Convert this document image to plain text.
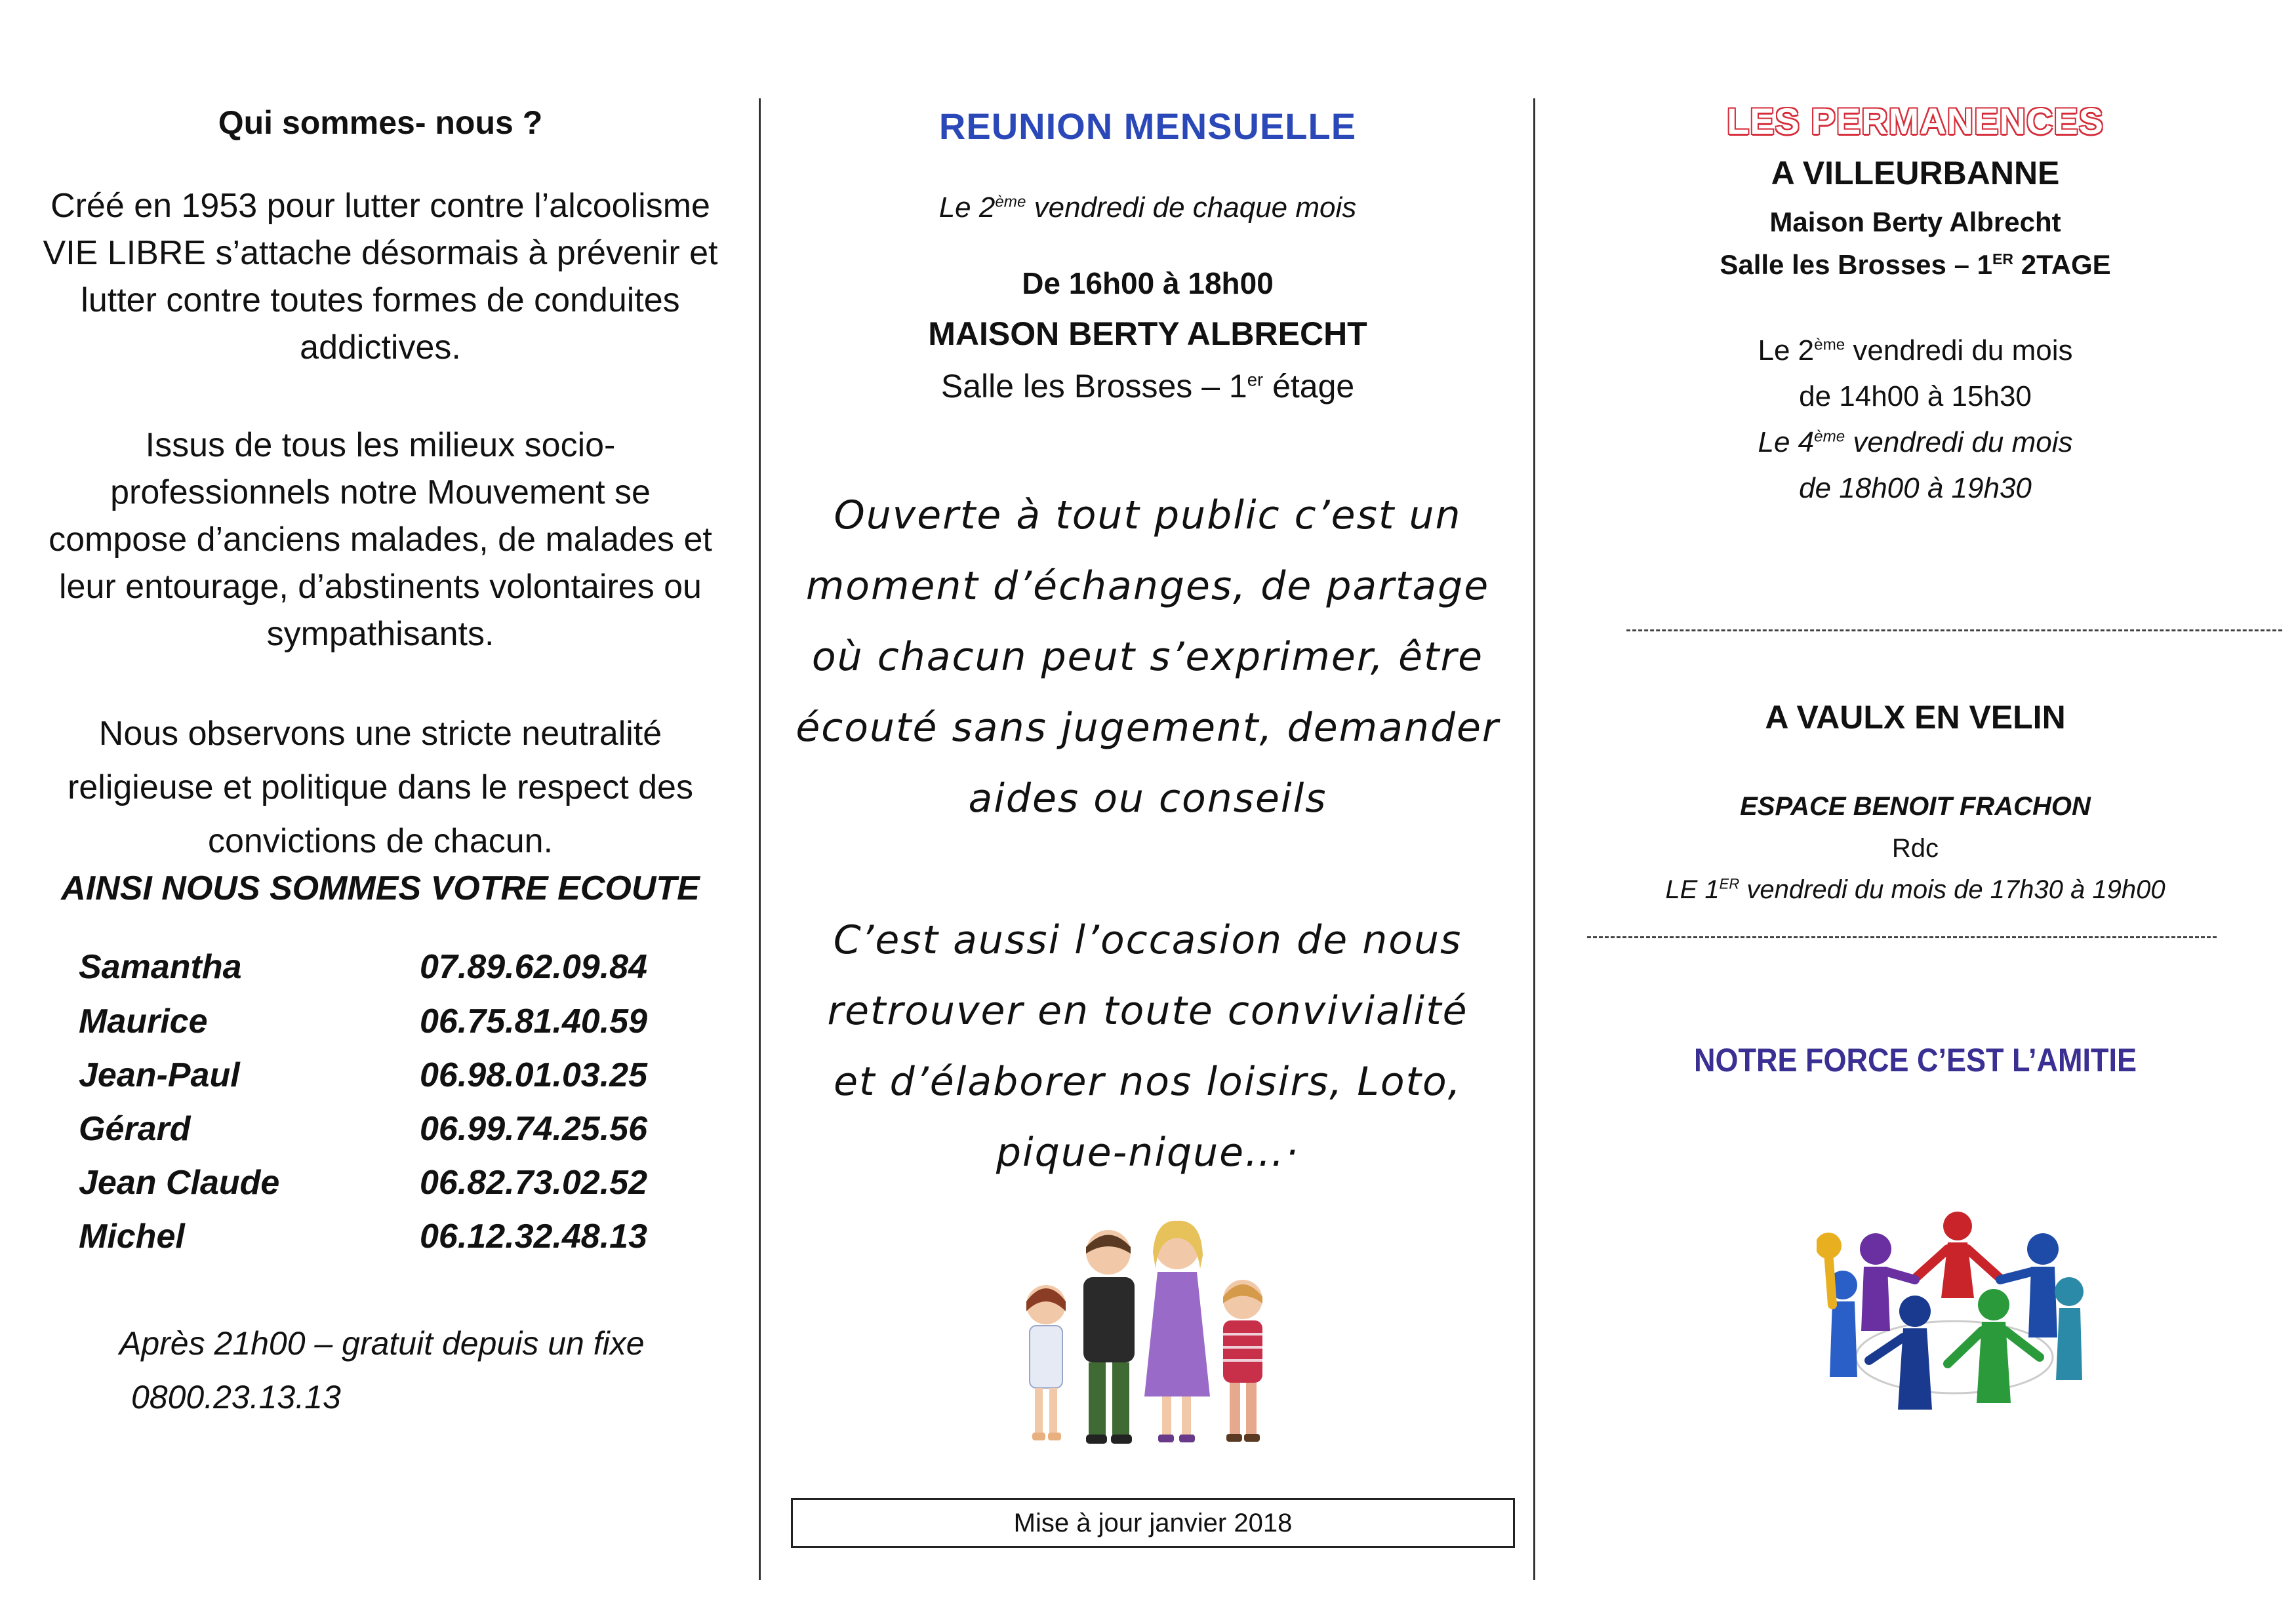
Qui sommes- nous ?
Créé en 1953 pour lutter contre l’alcoolisme
VIE LIBRE s’attache désormais à prévenir et
lutter contre toutes formes de conduites
addictives.
Issus de tous les milieux socio-
professionnels notre Mouvement se
compose d’anciens malades, de malades et
leur entourage, d’abstinents volontaires ou
sympathisants.
Nous observons une stricte neutralité
religieuse et politique dans le respect des
convictions de chacun.
AINSI NOUS SOMMES VOTRE ECOUTE
Samantha	07.89.62.09.84
Maurice	06.75.81.40.59
Jean-Paul	06.98.01.03.25
Gérard	06.99.74.25.56
Jean Claude	06.82.73.02.52
Michel	06.12.32.48.13
Après 21h00 – gratuit depuis un fixe
0800.23.13.13
REUNION MENSUELLE
Le 2ème vendredi de chaque mois
De 16h00 à 18h00
MAISON BERTY ALBRECHT
Salle les Brosses – 1er étage
Ouverte à tout public c’est un
moment d’échanges, de partage
où chacun peut s’exprimer, être
écouté sans jugement, demander
aides ou conseils
C’est aussi l’occasion de nous
retrouver en toute convivialité
et d’élaborer nos loisirs, Loto,
pique-nique…·
Mise à jour janvier 2018
LES PERMANENCES
A VILLEURBANNE
Maison Berty Albrecht
Salle les Brosses – 1ER 2TAGE
Le 2ème vendredi du mois
de 14h00 à 15h30
Le 4ème vendredi du mois
de 18h00 à 19h30
A VAULX EN VELIN
ESPACE BENOIT FRACHON
Rdc
LE 1ER vendredi du mois de 17h30 à 19h00
NOTRE FORCE C’EST L’AMITIE
